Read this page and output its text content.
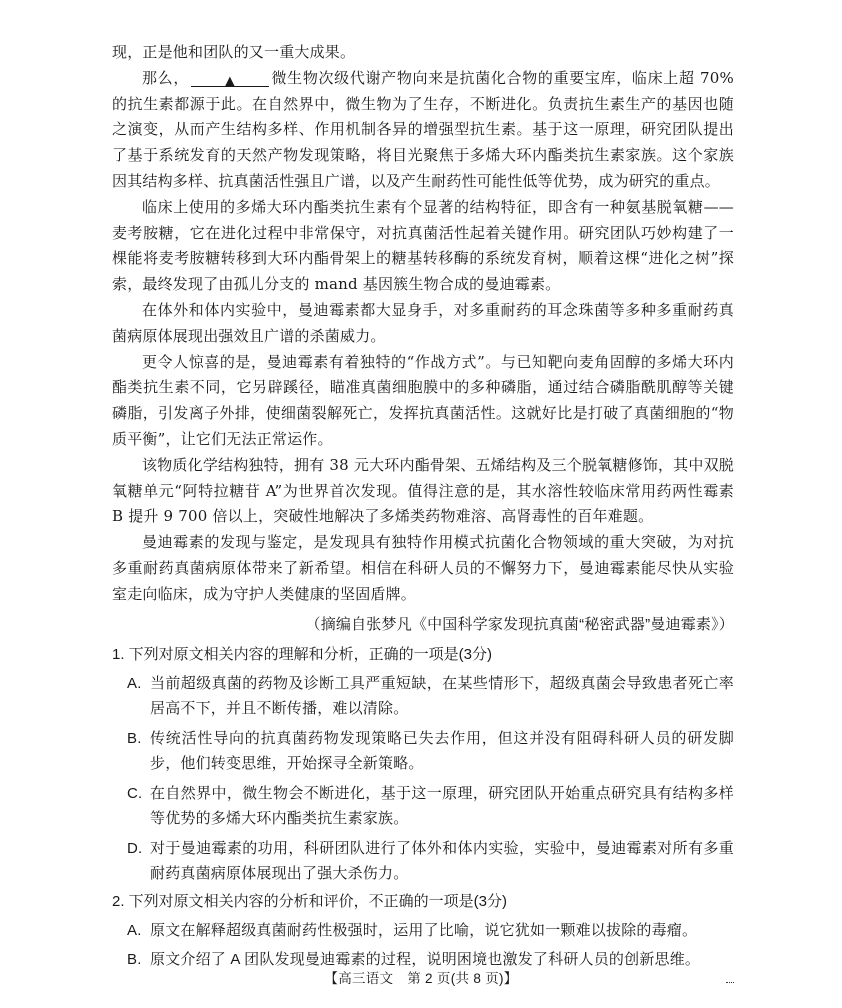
现，正是他和团队的又一重大成果。

那么，	▲ 微生物次级代谢产物向来是抗菌化合物的重要宝库，临床上超 70% 的抗生素都源于此。在自然界中，微生物为了生存，不断进化。负责抗生素生产的基因也随之演变，从而产生结构多样、作用机制各异的增强型抗生素。基于这一原理，研究团队提出了基于系统发育的天然产物发现策略，将目光聚焦于多烯大环内酯类抗生素家族。这个家族因其结构多样、抗真菌活性强且广谱，以及产生耐药性可能性低等优势，成为研究的重点。

临床上使用的多烯大环内酯类抗生素有个显著的结构特征，即含有一种氨基脱氧糖——麦考胺糖，它在进化过程中非常保守，对抗真菌活性起着关键作用。研究团队巧妙构建了一棵能将麦考胺糖转移到大环内酯骨架上的糖基转移酶的系统发育树，顺着这棵“进化之树”探索，最终发现了由孤儿分支的 mand 基因簇生物合成的曼迪霉素。

在体外和体内实验中，曼迪霉素都大显身手，对多重耐药的耳念珠菌等多种多重耐药真菌病原体展现出强效且广谱的杀菌威力。

更令人惊喜的是，曼迪霉素有着独特的“作战方式”。与已知靶向麦角固醇的多烯大环内酯类抗生素不同，它另辟蹊径，瞄准真菌细胞膜中的多种磷脂，通过结合磷脂酰肌醇等关键磷脂，引发离子外排，使细菌裂解死亡，发挥抗真菌活性。这就好比是打破了真菌细胞的“物质平衡”，让它们无法正常运作。

该物质化学结构独特，拥有 38 元大环内酯骨架、五烯结构及三个脱氧糖修饰，其中双脱氧糖单元“阿特拉糖苷 A”为世界首次发现。值得注意的是，其水溶性较临床常用药两性霉素 B 提升 9 700 倍以上，突破性地解决了多烯类药物难溶、高肾毒性的百年难题。

曼迪霉素的发现与鉴定，是发现具有独特作用模式抗菌化合物领域的重大突破，为对抗多重耐药真菌病原体带来了新希望。相信在科研人员的不懈努力下，曼迪霉素能尽快从实验室走向临床，成为守护人类健康的坚固盾牌。

（摘编自张梦凡《中国科学家发现抗真菌“秘密武器”曼迪霉素》）

1. 下列对原文相关内容的理解和分析，正确的一项是(3分)

A. 当前超级真菌的药物及诊断工具严重短缺，在某些情形下，超级真菌会导致患者死亡率居高不下，并且不断传播，难以清除。
B. 传统活性导向的抗真菌药物发现策略已失去作用，但这并没有阻碍科研人员的研发脚步，他们转变思维，开始探寻全新策略。
C. 在自然界中，微生物会不断进化，基于这一原理，研究团队开始重点研究具有结构多样等优势的多烯大环内酯类抗生素家族。
D. 对于曼迪霉素的功用，科研团队进行了体外和体内实验，实验中，曼迪霉素对所有多重耐药真菌病原体展现出了强大杀伤力。

2. 下列对原文相关内容的分析和评价，不正确的一项是(3分)

A. 原文在解释超级真菌耐药性极强时，运用了比喻，说它犹如一颗难以拔除的毒瘤。
B. 原文介绍了 A 团队发现曼迪霉素的过程，说明困境也激发了科研人员的创新思维。
【高三语文　第 2 页(共 8 页)】
